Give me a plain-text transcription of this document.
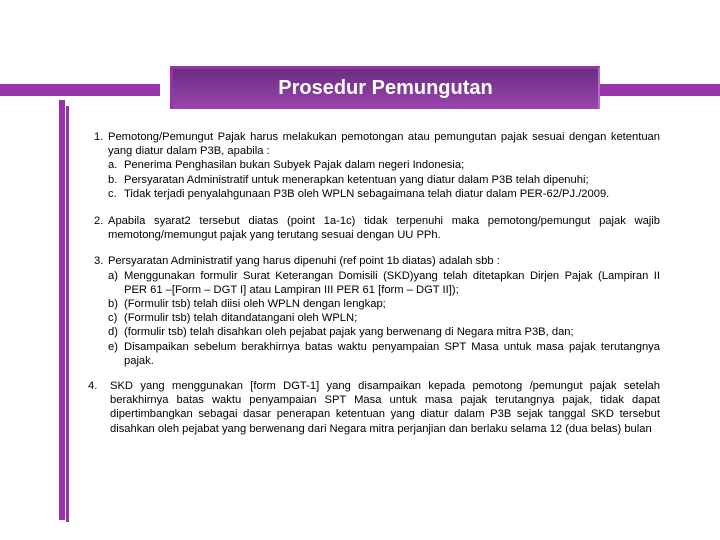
Prosedur Pemungutan
1. Pemotong/Pemungut Pajak harus melakukan pemotongan atau pemungutan pajak sesuai dengan ketentuan yang diatur dalam P3B, apabila :
a. Penerima Penghasilan bukan Subyek Pajak dalam negeri Indonesia;
b. Persyaratan Administratif untuk menerapkan ketentuan yang diatur dalam P3B telah dipenuhi;
c. Tidak terjadi penyalahgunaan P3B oleh WPLN sebagaimana telah diatur dalam PER-62/PJ./2009.
2. Apabila syarat2 tersebut diatas (point 1a-1c) tidak terpenuhi maka pemotong/pemungut pajak wajib memotong/memungut pajak yang terutang sesuai dengan UU PPh.
3. Persyaratan Administratif yang harus dipenuhi (ref point 1b diatas) adalah sbb :
a) Menggunakan formulir Surat Keterangan Domisili (SKD)yang telah ditetapkan Dirjen Pajak (Lampiran II PER 61 –[Form – DGT I] atau Lampiran III PER 61 [form – DGT II]);
b) (Formulir tsb) telah diisi oleh WPLN dengan lengkap;
c) (Formulir tsb) telah ditandatangani oleh WPLN;
d) (formulir tsb) telah disahkan oleh pejabat pajak yang berwenang di Negara mitra P3B, dan;
e) Disampaikan sebelum berakhirnya batas waktu penyampaian SPT Masa untuk masa pajak terutangnya pajak.
4. SKD yang menggunakan [form DGT-1] yang disampaikan kepada pemotong /pemungut pajak setelah berakhirnya batas waktu penyampaian SPT Masa untuk masa pajak terutangnya pajak, tidak dapat dipertimbangkan sebagai dasar penerapan ketentuan yang diatur dalam P3B sejak tanggal SKD tersebut disahkan oleh pejabat yang berwenang dari Negara mitra perjanjian dan berlaku selama 12 (dua belas) bulan
